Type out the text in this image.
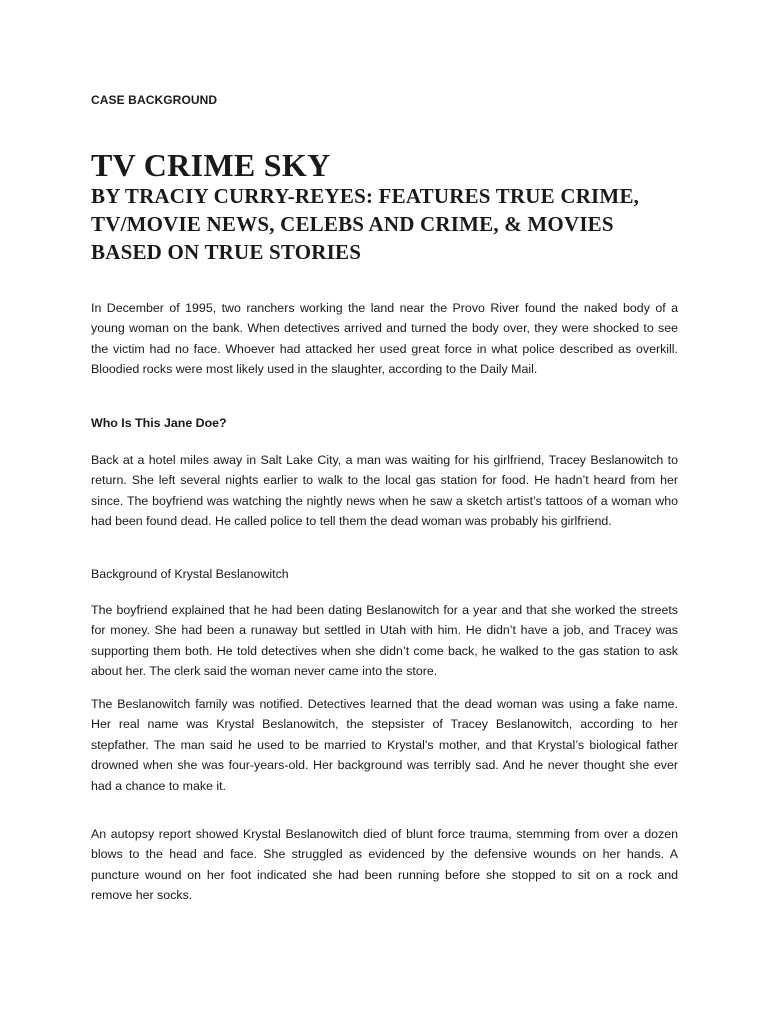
CASE BACKGROUND

TV CRIME SKY
BY TRACIY CURRY-REYES: FEATURES TRUE CRIME, TV/MOVIE NEWS, CELEBS AND CRIME, & MOVIES BASED ON TRUE STORIES

In December of 1995, two ranchers working the land near the Provo River found the naked body of a young woman on the bank. When detectives arrived and turned the body over, they were shocked to see the victim had no face. Whoever had attacked her used great force in what police described as overkill. Bloodied rocks were most likely used in the slaughter, according to the Daily Mail.

Who Is This Jane Doe?

Back at a hotel miles away in Salt Lake City, a man was waiting for his girlfriend, Tracey Beslanowitch to return. She left several nights earlier to walk to the local gas station for food. He hadn’t heard from her since. The boyfriend was watching the nightly news when he saw a sketch artist’s tattoos of a woman who had been found dead. He called police to tell them the dead woman was probably his girlfriend.

Background of Krystal Beslanowitch

The boyfriend explained that he had been dating Beslanowitch for a year and that she worked the streets for money. She had been a runaway but settled in Utah with him. He didn’t have a job, and Tracey was supporting them both. He told detectives when she didn’t come back, he walked to the gas station to ask about her. The clerk said the woman never came into the store.

The Beslanowitch family was notified. Detectives learned that the dead woman was using a fake name. Her real name was Krystal Beslanowitch, the stepsister of Tracey Beslanowitch, according to her stepfather. The man said he used to be married to Krystal’s mother, and that Krystal’s biological father drowned when she was four-years-old. Her background was terribly sad. And he never thought she ever had a chance to make it.

An autopsy report showed Krystal Beslanowitch died of blunt force trauma, stemming from over a dozen blows to the head and face. She struggled as evidenced by the defensive wounds on her hands. A puncture wound on her foot indicated she had been running before she stopped to sit on a rock and remove her socks.
